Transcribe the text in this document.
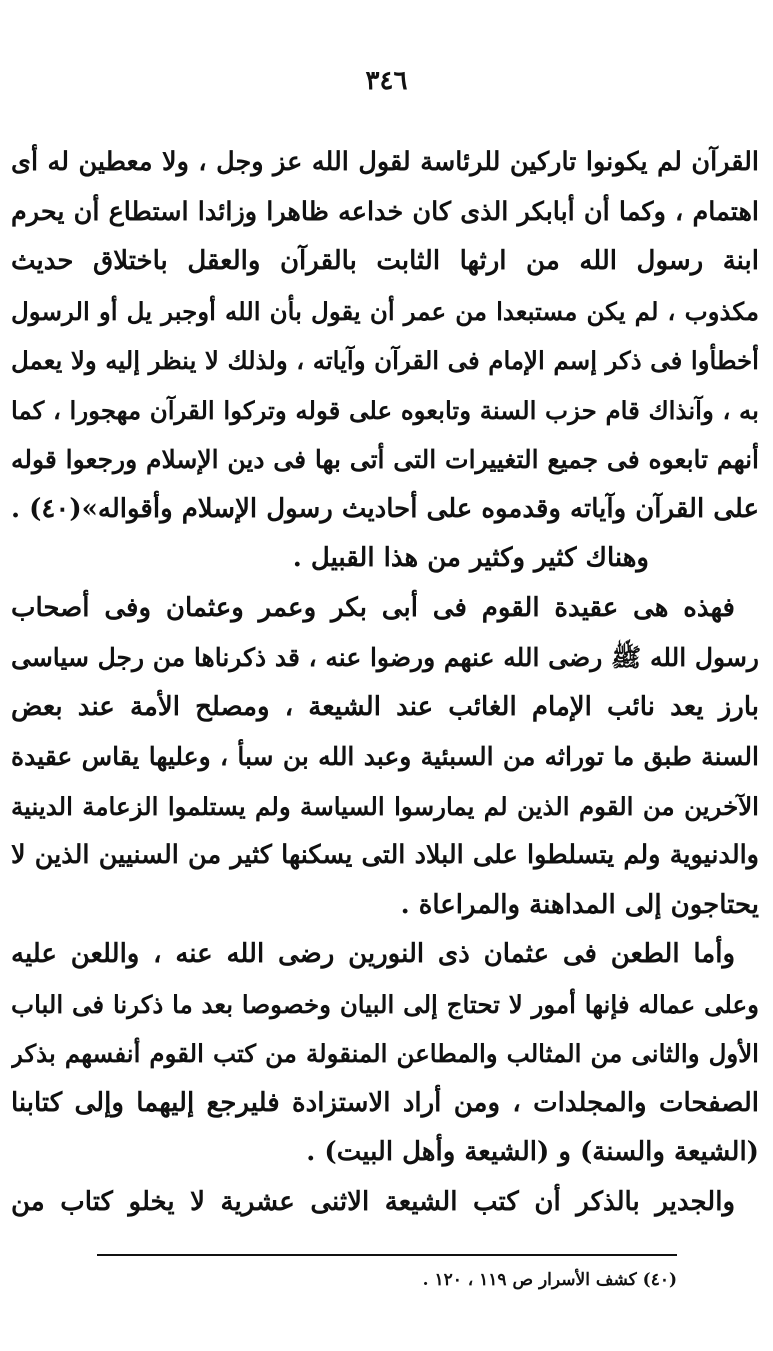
٣٤٦
القرآن لم يكونوا تاركين للرئاسة لقول الله عز وجل ، ولا معطين له أى
اهتمام ، وكما أن أبابكر الذى كان خداعه ظاهرا وزائدا استطاع أن يحرم
ابنة رسول الله من ارثها الثابت بالقرآن والعقل باختلاق حديث
مكذوب ، لم يكن مستبعدا من عمر أن يقول بأن الله أوجبر يل أو الرسول
أخطأوا فى ذكر إسم الإمام فى القرآن وآياته ، ولذلك لا ينظر إليه ولا يعمل
به ، وآنذاك قام حزب السنة وتابعوه على قوله وتركوا القرآن مهجورا ، كما
أنهم تابعوه فى جميع التغييرات التى أتى بها فى دين الإسلام ورجعوا قوله
على القرآن وآياته وقدموه على أحاديث رسول الإسلام وأقواله»(٤٠) .
وهناك كثير وكثير من هذا القبيل .
فهذه هى عقيدة القوم فى أبى بكر وعمر وعثمان وفى أصحاب
رسول الله ﷺ رضى الله عنهم ورضوا عنه ، قد ذكرناها من رجل سياسى
بارز يعد نائب الإمام الغائب عند الشيعة ، ومصلح الأمة عند بعض
السنة طبق ما توراثه من السبئية وعبد الله بن سبأ ، وعليها يقاس عقيدة
الآخرين من القوم الذين لم يمارسوا السياسة ولم يستلموا الزعامة الدينية
والدنيوية ولم يتسلطوا على البلاد التى يسكنها كثير من السنيين الذين لا
يحتاجون إلى المداهنة والمراعاة .
وأما الطعن فى عثمان ذى النورين رضى الله عنه ، واللعن عليه
وعلى عماله فإنها أمور لا تحتاج إلى البيان وخصوصا بعد ما ذكرنا فى الباب
الأول والثانى من المثالب والمطاعن المنقولة من كتب القوم أنفسهم بذكر
الصفحات والمجلدات ، ومن أراد الاستزادة فليرجع إليهما وإلى كتابنا
(الشيعة والسنة) و (الشيعة وأهل البيت) .
والجدير بالذكر أن كتب الشيعة الاثنى عشرية لا يخلو كتاب من
(٤٠) كشف الأسرار ص ١١٩ ، ١٢٠ .
